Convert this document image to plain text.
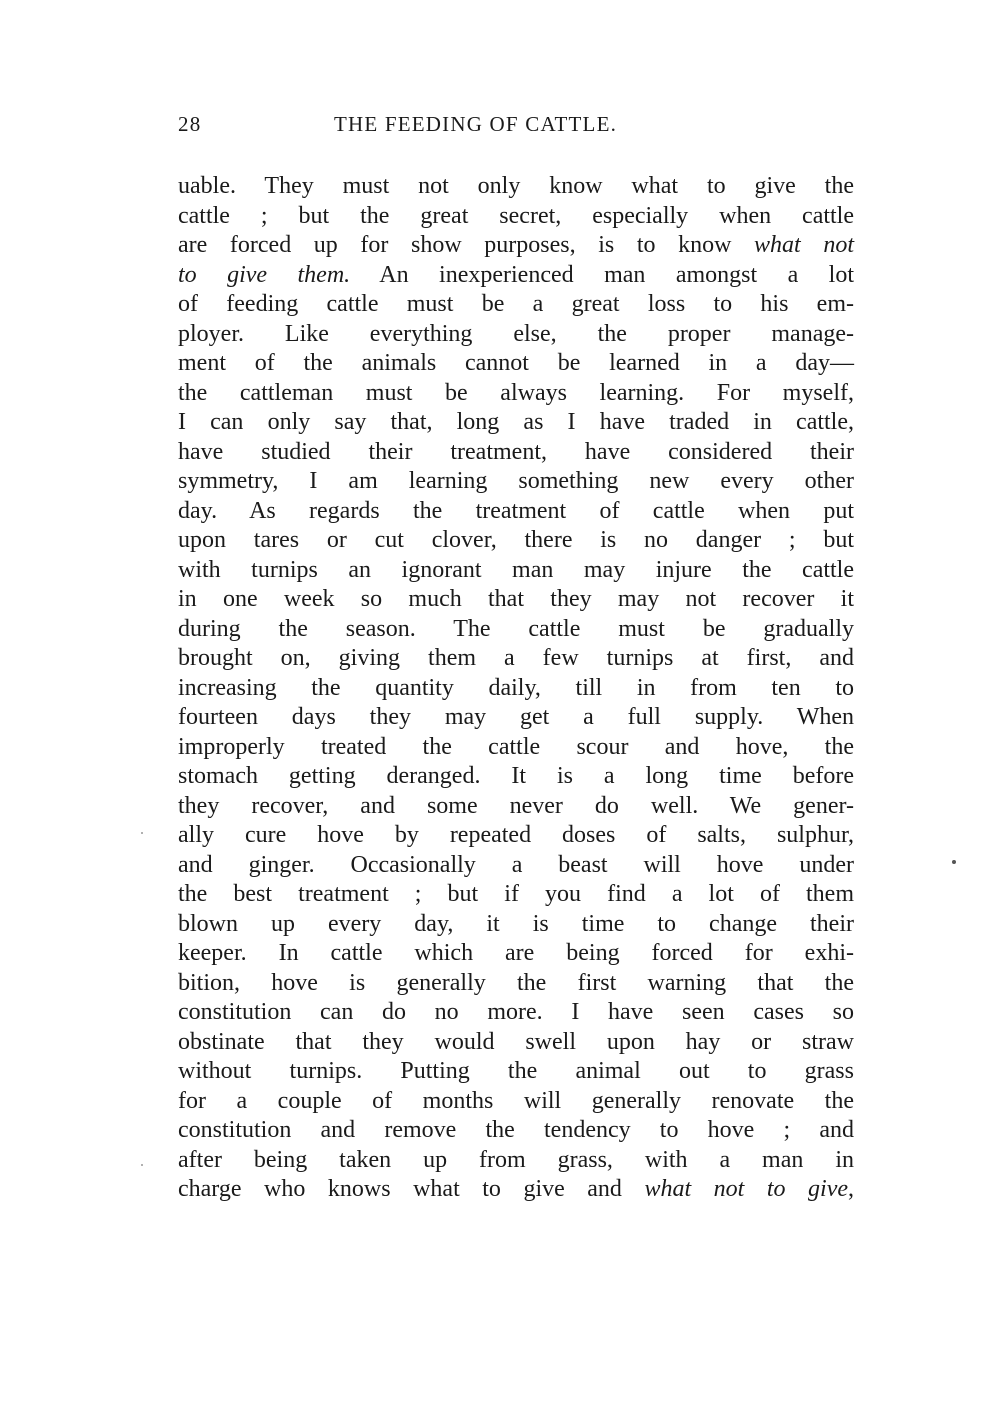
28	THE FEEDING OF CATTLE.
uable. They must not only know what to give the
cattle ; but the great secret, especially when cattle
are forced up for show purposes, is to know what not
to give them. An inexperienced man amongst a lot
of feeding cattle must be a great loss to his em-
ployer. Like everything else, the proper manage-
ment of the animals cannot be learned in a day—
the cattleman must be always learning. For myself,
I can only say that, long as I have traded in cattle,
have studied their treatment, have considered their
symmetry, I am learning something new every other
day. As regards the treatment of cattle when put
upon tares or cut clover, there is no danger ; but
with turnips an ignorant man may injure the cattle
in one week so much that they may not recover it
during the season. The cattle must be gradually
brought on, giving them a few turnips at first, and
increasing the quantity daily, till in from ten to
fourteen days they may get a full supply. When
improperly treated the cattle scour and hove, the
stomach getting deranged. It is a long time before
they recover, and some never do well. We gener-
ally cure hove by repeated doses of salts, sulphur,
and ginger. Occasionally a beast will hove under
the best treatment ; but if you find a lot of them
blown up every day, it is time to change their
keeper. In cattle which are being forced for exhi-
bition, hove is generally the first warning that the
constitution can do no more. I have seen cases so
obstinate that they would swell upon hay or straw
without turnips. Putting the animal out to grass
for a couple of months will generally renovate the
constitution and remove the tendency to hove ; and
after being taken up from grass, with a man in
charge who knows what to give and what not to give,
